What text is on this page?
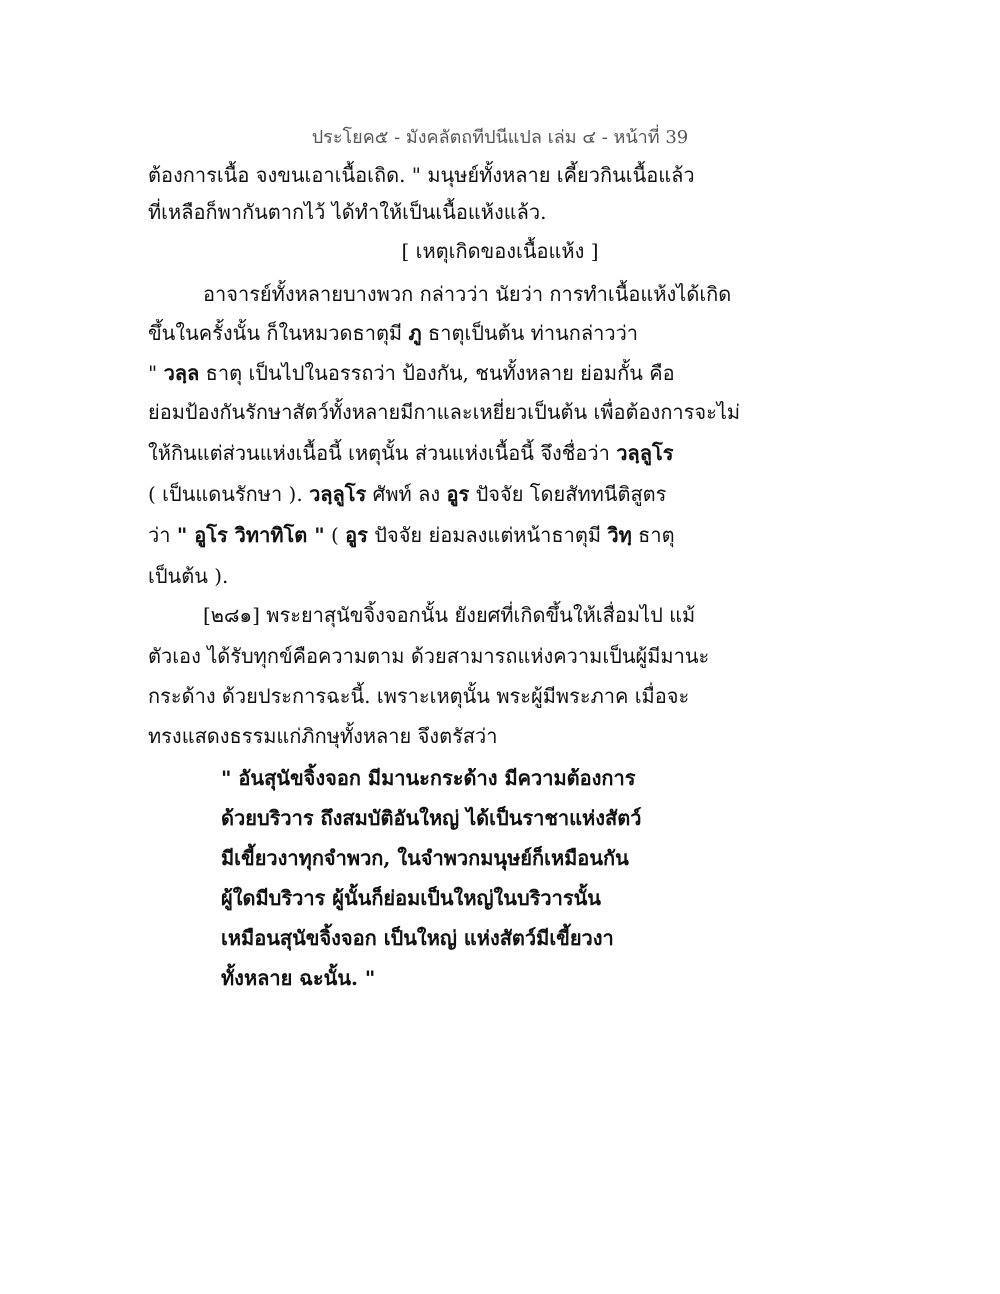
ประโยค๕ - มังคลัตถทีปนีแปล เล่ม ๔ - หน้าที่ 39
ต้องการเนื้อ จงขนเอาเนื้อเถิด. " มนุษย์ทั้งหลาย เคี้ยวกินเนื้อแล้ว
ที่เหลือก็พากันตากไว้ ได้ทำให้เป็นเนื้อแห้งแล้ว.
[ เหตุเกิดของเนื้อแห้ง ]
อาจารย์ทั้งหลายบางพวก กล่าวว่า นัยว่า การทำเนื้อแห้งได้เกิด
ขึ้นในครั้งนั้น ก็ในหมวดธาตุมี ภู ธาตุเป็นต้น ท่านกล่าวว่า
" วลฺล ธาตุ เป็นไปในอรรถว่า ป้องกัน, ชนทั้งหลาย ย่อมกั้น คือ
ย่อมป้องกันรักษาสัตว์ทั้งหลายมีกาและเหยี่ยวเป็นต้น เพื่อต้องการจะไม่
ให้กินแต่ส่วนแห่งเนื้อนี้ เหตุนั้น ส่วนแห่งเนื้อนี้ จึงชื่อว่า วลฺลูโร
( เป็นแดนรักษา ). วลฺลูโร ศัพท์ ลง อูร ปัจจัย โดยสัททนีติสูตร
ว่า " อูโร วิทาทิโต " ( อูร ปัจจัย ย่อมลงแต่หน้าธาตุมี วิทฺ ธาตุ
เป็นต้น ).
[๒๘๑] พระยาสุนัขจิ้งจอกนั้น ยังยศที่เกิดขึ้นให้เสื่อมไป แม้
ตัวเอง ได้รับทุกข์คือความตาม ด้วยสามารถแห่งความเป็นผู้มีมานะ
กระด้าง ด้วยประการฉะนี้. เพราะเหตุนั้น พระผู้มีพระภาค เมื่อจะ
ทรงแสดงธรรมแก่ภิกษุทั้งหลาย จึงตรัสว่า
" อันสุนัขจิ้งจอก มีมานะกระด้าง มีความต้องการ
ด้วยบริวาร ถึงสมบัติอันใหญ่ ได้เป็นราชาแห่งสัตว์
มีเขี้ยวงาทุกจำพวก, ในจำพวกมนุษย์ก็เหมือนกัน
ผู้ใดมีบริวาร ผู้นั้นก็ย่อมเป็นใหญ่ในบริวารนั้น
เหมือนสุนัขจิ้งจอก เป็นใหญ่ แห่งสัตว์มีเขี้ยวงา
ทั้งหลาย ฉะนั้น. "
